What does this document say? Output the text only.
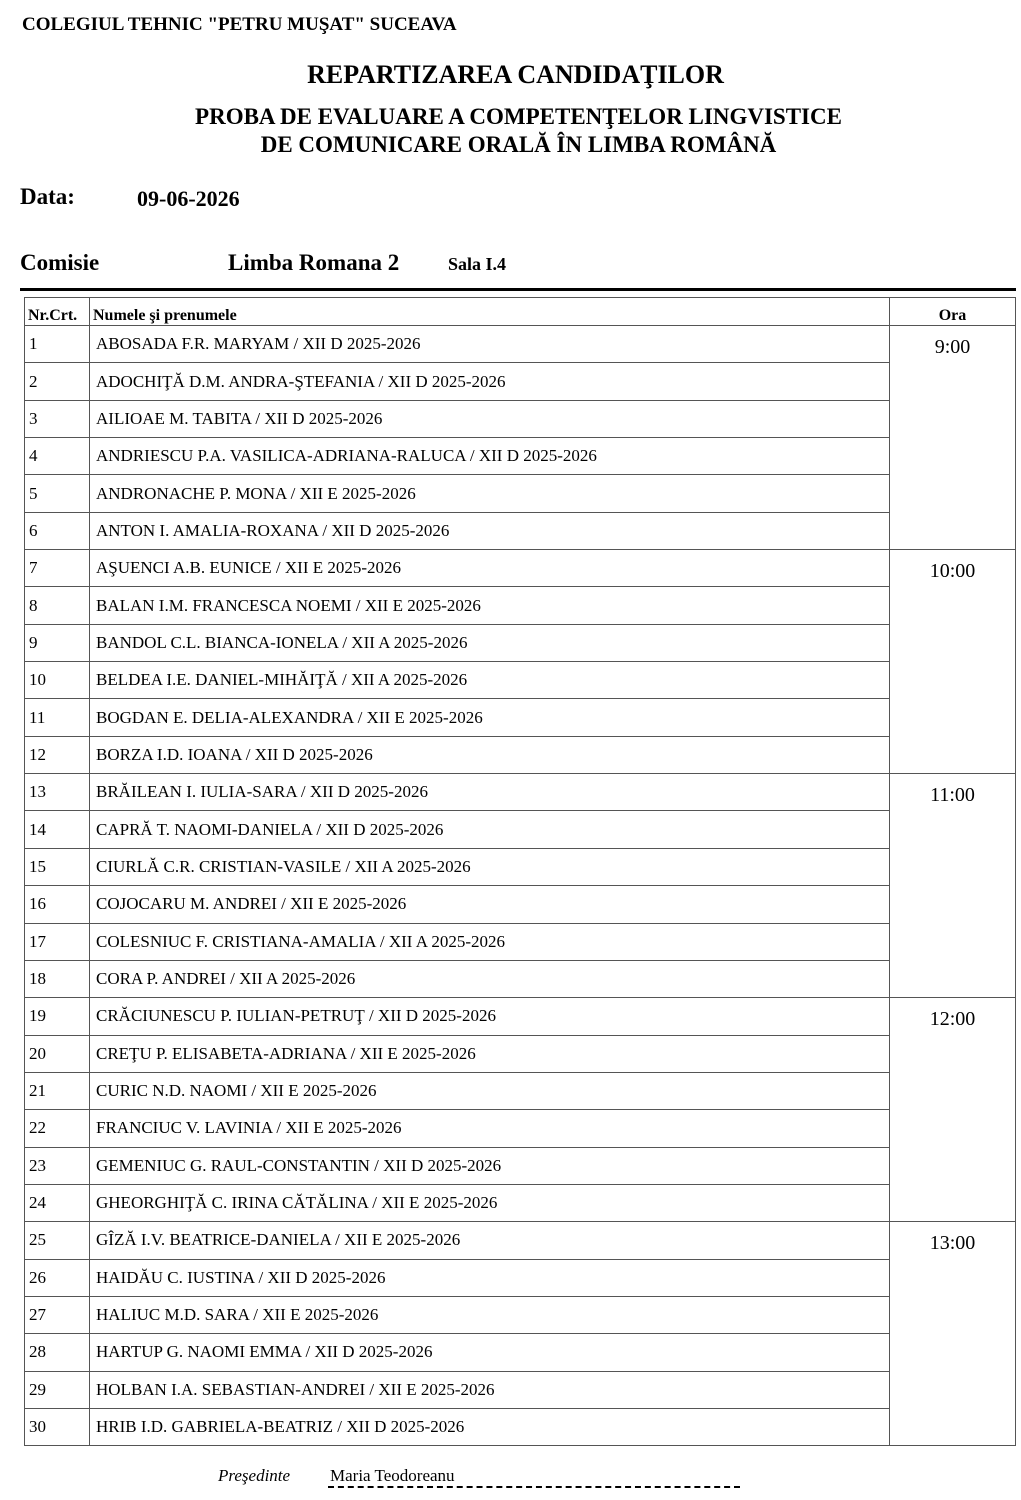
COLEGIUL TEHNIC "PETRU MUŞAT" SUCEAVA
REPARTIZAREA CANDIDAŢILOR
PROBA DE EVALUARE A COMPETENŢELOR LINGVISTICE
DE COMUNICARE ORALĂ ÎN LIMBA ROMÂNĂ
Data:	09-06-2026
Comisie	Limba Romana 2	Sala I.4
Nr.Crt.	Numele şi prenumele	Ora
1	ABOSADA F.R. MARYAM / XII D 2025-2026	9:00
2	ADOCHIŢĂ D.M. ANDRA-ŞTEFANIA / XII D 2025-2026	
3	AILIOAE M. TABITA / XII D 2025-2026	
4	ANDRIESCU P.A. VASILICA-ADRIANA-RALUCA / XII D 2025-2026	
5	ANDRONACHE P. MONA / XII E 2025-2026	
6	ANTON I. AMALIA-ROXANA / XII D 2025-2026	
7	AŞUENCI A.B. EUNICE / XII E 2025-2026	10:00
8	BALAN I.M. FRANCESCA NOEMI / XII E 2025-2026	
9	BANDOL C.L. BIANCA-IONELA / XII A 2025-2026	
10	BELDEA I.E. DANIEL-MIHĂIŢĂ / XII A 2025-2026	
11	BOGDAN E. DELIA-ALEXANDRA / XII E 2025-2026	
12	BORZA I.D. IOANA / XII D 2025-2026	
13	BRĂILEAN I. IULIA-SARA / XII D 2025-2026	11:00
14	CAPRĂ T. NAOMI-DANIELA / XII D 2025-2026	
15	CIURLĂ C.R. CRISTIAN-VASILE / XII A 2025-2026	
16	COJOCARU M. ANDREI / XII E 2025-2026	
17	COLESNIUC F. CRISTIANA-AMALIA / XII A 2025-2026	
18	CORA P. ANDREI / XII A 2025-2026	
19	CRĂCIUNESCU P. IULIAN-PETRUŢ / XII D 2025-2026	12:00
20	CREŢU P. ELISABETA-ADRIANA / XII E 2025-2026	
21	CURIC N.D. NAOMI / XII E 2025-2026	
22	FRANCIUC V. LAVINIA / XII E 2025-2026	
23	GEMENIUC G. RAUL-CONSTANTIN / XII D 2025-2026	
24	GHEORGHIŢĂ C. IRINA CĂTĂLINA / XII E 2025-2026	
25	GÎZĂ I.V. BEATRICE-DANIELA / XII E 2025-2026	13:00
26	HAIDĂU C. IUSTINA / XII D 2025-2026	
27	HALIUC M.D. SARA / XII E 2025-2026	
28	HARTUP G. NAOMI EMMA / XII D 2025-2026	
29	HOLBAN I.A. SEBASTIAN-ANDREI / XII E 2025-2026	
30	HRIB I.D. GABRIELA-BEATRIZ / XII D 2025-2026	
Preşedinte Maria Teodoreanu
